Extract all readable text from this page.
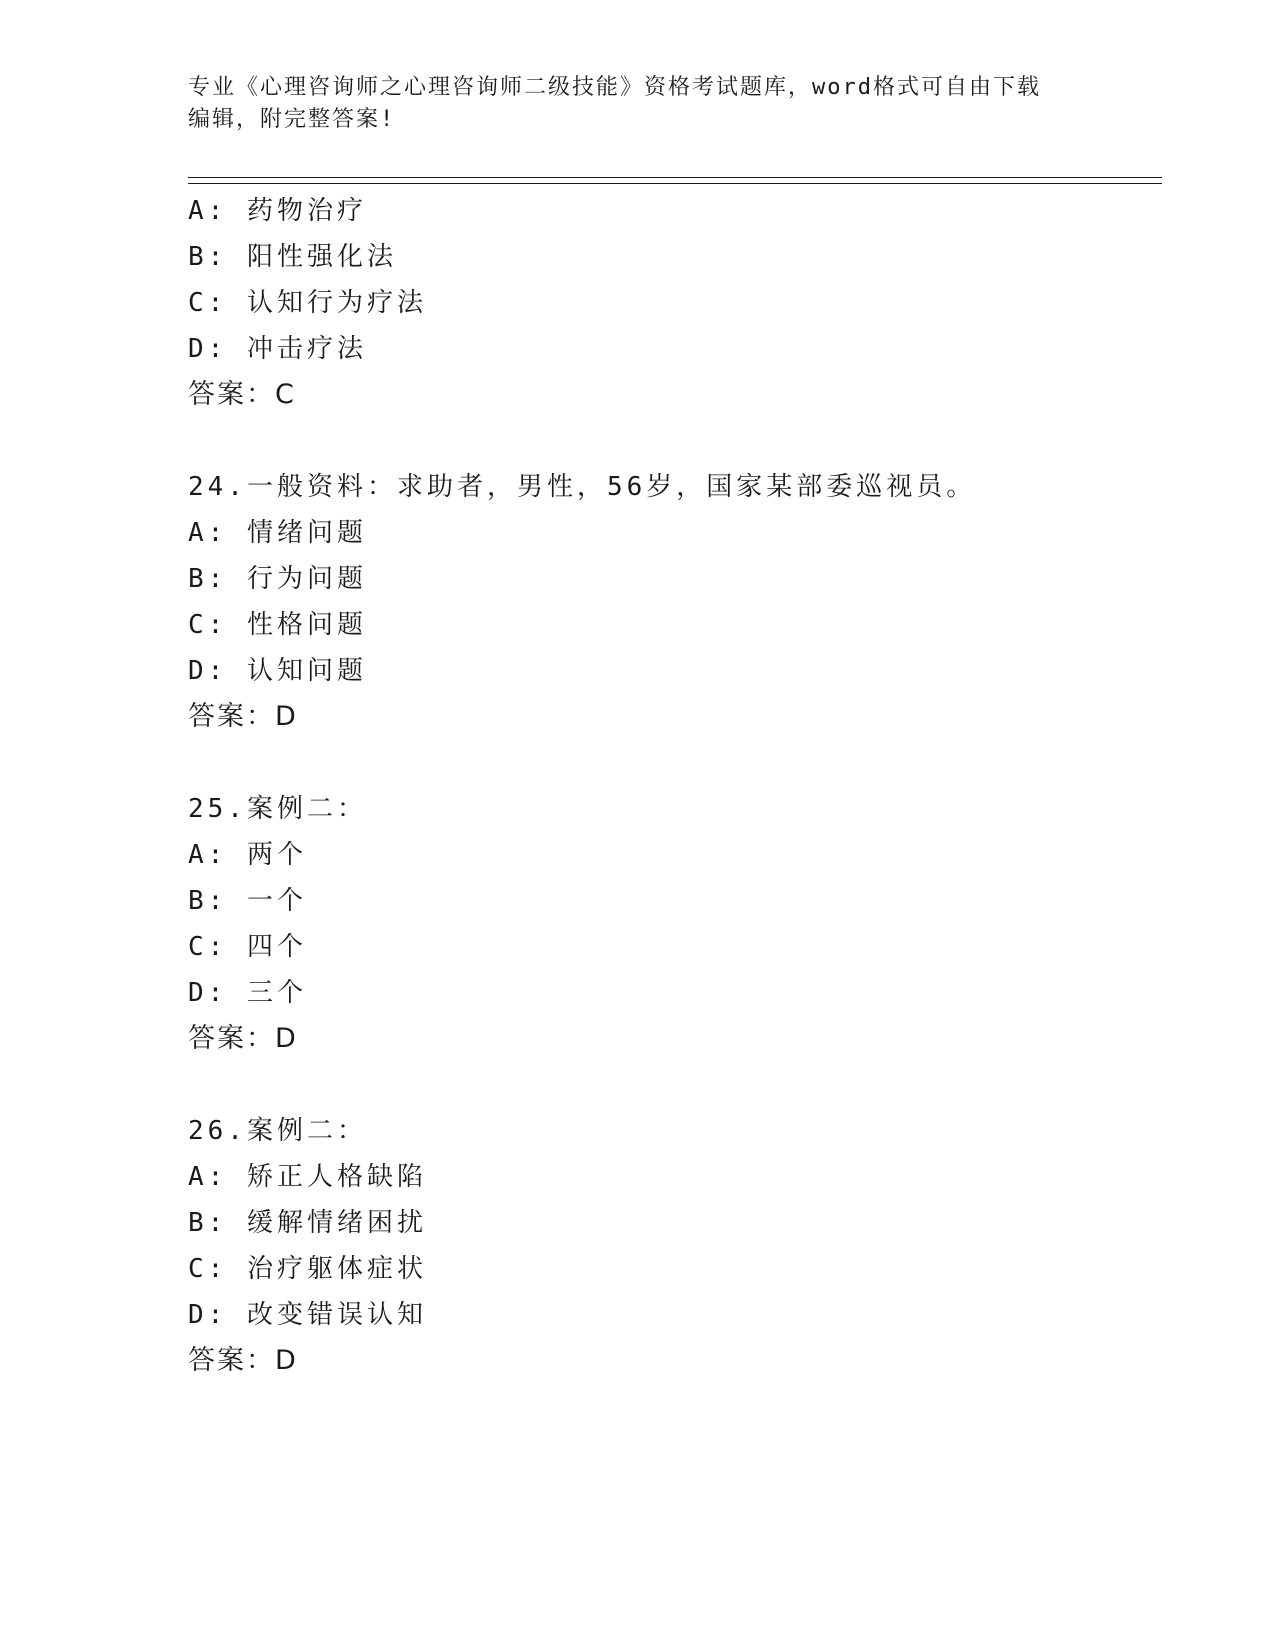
专业《心理咨询师之心理咨询师二级技能》资格考试题库，word格式可自由下载
编辑，附完整答案!
A: 药物治疗
B: 阳性强化法
C: 认知行为疗法
D: 冲击疗法
答案：C
24.一般资料：求助者，男性，56岁，国家某部委巡视员。
A: 情绪问题
B: 行为问题
C: 性格问题
D: 认知问题
答案：D
25.案例二：
A: 两个
B: 一个
C: 四个
D: 三个
答案：D
26.案例二：
A: 矫正人格缺陷
B: 缓解情绪困扰
C: 治疗躯体症状
D: 改变错误认知
答案：D
